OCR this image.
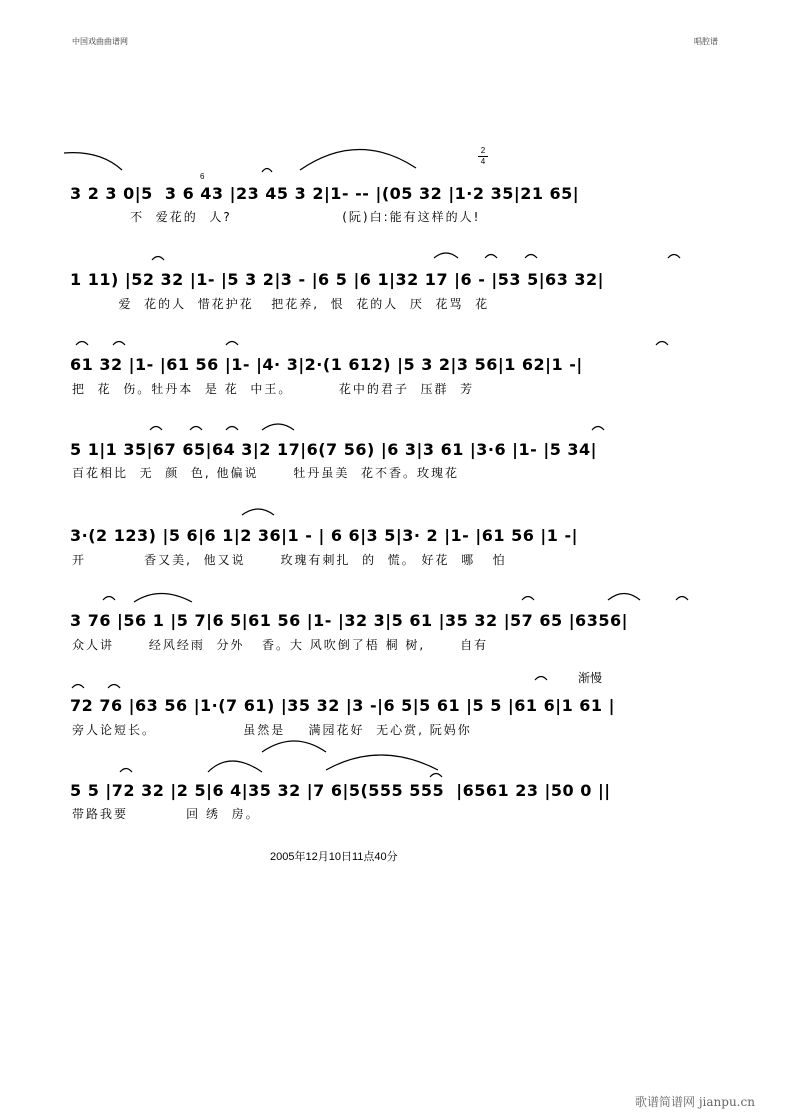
中国戏曲曲谱网	唱腔谱
2
4
6
3 2 3 0|5  3 6 43 |23 45 3 2|1- -- |(05 32 |1·2 35|21 65|
不  爱花的  人?                   (阮)白:能有这样的人!
1 11) |52 32 |1- |5 3 2|3 - |6 5 |6 1|32 17 |6 - |53 5|63 32|
爱  花的人  惜花护花   把花养,  恨  花的人  厌  花骂  花
61 32 |1- |61 56 |1- |4· 3|2·(1 612) |5 3 2|3 56|1 62|1 -|
把  花  伤。牡丹本  是 花  中王。        花中的君子  压群  芳
5 1|1 35|67 65|64 3|2 17|6(7 56) |6 3|3 61 |3·6 |1- |5 34|
百花相比  无  颜  色, 他偏说      牡丹虽美  花不香。玫瑰花
3·(2 123) |5 6|6 1|2 36|1 - | 6 6|3 5|3· 2 |1- |61 56 |1 -|
开          香又美,  他又说      玫瑰有刺扎  的  慌。 好花  哪   怕
3 76 |56 1 |5 7|6 5|61 56 |1- |32 3|5 61 |35 32 |57 65 |6356|
众人讲      经风经雨  分外   香。大 风吹倒了梧 桐 树,      自有
渐慢
72 76 |63 56 |1·(7 61) |35 32 |3 -|6 5|5 61 |5 5 |61 6|1 61 |
旁人论短长。               虽然是    满园花好  无心赏, 阮妈你
5 5 |72 32 |2 5|6 4|35 32 |7 6|5(555 555  |6561 23 |50 0 ||
带路我要          回 绣  房。
2005年12月10日11点40分
歌谱简谱网 jianpu.cn
